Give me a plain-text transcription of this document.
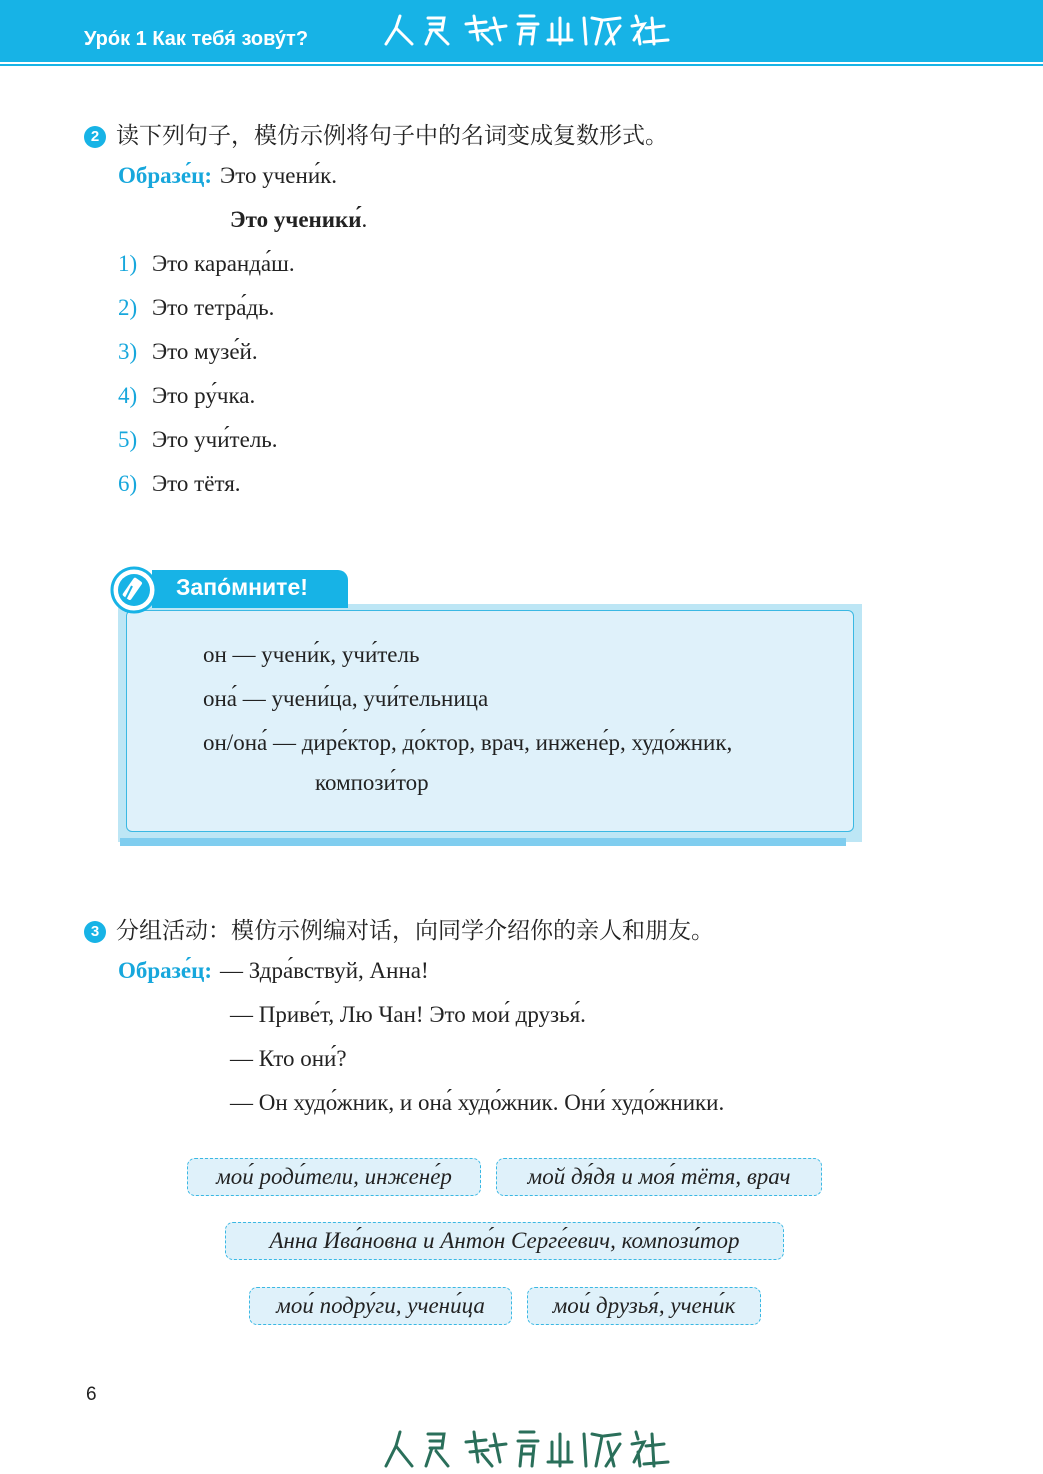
Уро́к 1 Как тебя́ зову́т?
2 读下列句子，模仿示例将句子中的名词变成复数形式。
Образе́ц: Это учени́к.
Это ученики́.
1) Это каранда́ш.
2) Это тетра́дь.
3) Это музе́й.
4) Это ру́чка.
5) Это учи́тель.
6) Это тётя.
Запо́мните!
он — учени́к, учи́тель
она́ — учени́ца, учи́тельница
он/она́ — дире́ктор, до́ктор, врач, инжене́р, худо́жник,
компози́тор
3 分组活动：模仿示例编对话，向同学介绍你的亲人和朋友。
Образе́ц: — Здра́вствуй, Анна!
— Приве́т, Лю Чан! Это мои́ друзья́.
— Кто они́?
— Он худо́жник, и она́ худо́жник. Они́ худо́жники.
мои́ роди́тели, инжене́р	мой дя́дя и моя́ тётя, врач
Анна Ива́новна и Анто́н Серге́евич, компози́тор
мои́ подру́ги, учени́ца	мои́ друзья́, учени́к
6
